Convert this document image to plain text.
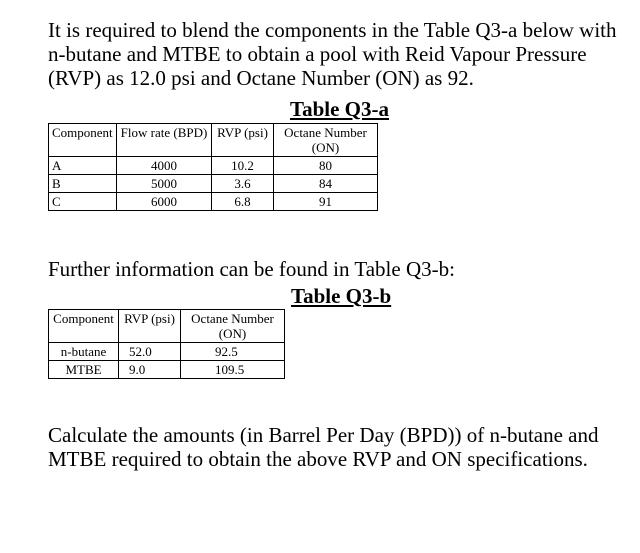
It is required to blend the components in the Table Q3-a below with n-butane and MTBE to obtain a pool with Reid Vapour Pressure (RVP) as 12.0 psi and Octane Number (ON) as 92.

Table Q3-a
Component	Flow rate (BPD)	RVP (psi)	Octane Number (ON)
A	4000	10.2	80
B	5000	3.6	84
C	6000	6.8	91

Further information can be found in Table Q3-b:

Table Q3-b
Component	RVP (psi)	Octane Number (ON)
n-butane	52.0	92.5
MTBE	9.0	109.5

Calculate the amounts (in Barrel Per Day (BPD)) of n-butane and MTBE required to obtain the above RVP and ON specifications.
